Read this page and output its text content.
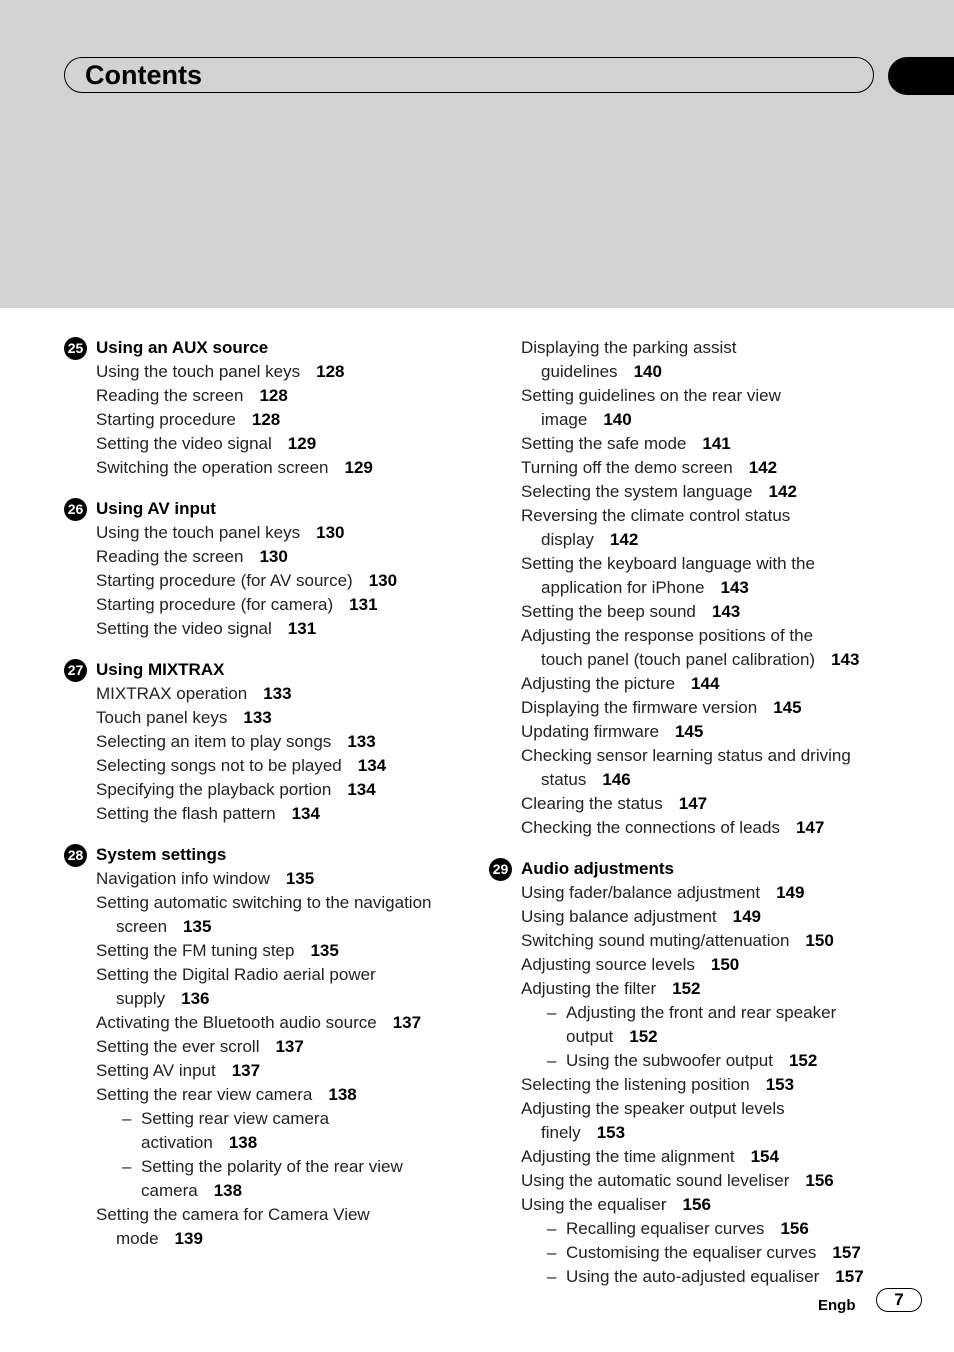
Contents
25 Using an AUX source
Using the touch panel keys 128
Reading the screen 128
Starting procedure 128
Setting the video signal 129
Switching the operation screen 129
26 Using AV input
Using the touch panel keys 130
Reading the screen 130
Starting procedure (for AV source) 130
Starting procedure (for camera) 131
Setting the video signal 131
27 Using MIXTRAX
MIXTRAX operation 133
Touch panel keys 133
Selecting an item to play songs 133
Selecting songs not to be played 134
Specifying the playback portion 134
Setting the flash pattern 134
28 System settings
Navigation info window 135
Setting automatic switching to the navigation
screen 135
Setting the FM tuning step 135
Setting the Digital Radio aerial power
supply 136
Activating the Bluetooth audio source 137
Setting the ever scroll 137
Setting AV input 137
Setting the rear view camera 138
– Setting rear view camera
activation 138
– Setting the polarity of the rear view
camera 138
Setting the camera for Camera View
mode 139
Displaying the parking assist
guidelines 140
Setting guidelines on the rear view
image 140
Setting the safe mode 141
Turning off the demo screen 142
Selecting the system language 142
Reversing the climate control status
display 142
Setting the keyboard language with the
application for iPhone 143
Setting the beep sound 143
Adjusting the response positions of the
touch panel (touch panel calibration) 143
Adjusting the picture 144
Displaying the firmware version 145
Updating firmware 145
Checking sensor learning status and driving
status 146
Clearing the status 147
Checking the connections of leads 147
29 Audio adjustments
Using fader/balance adjustment 149
Using balance adjustment 149
Switching sound muting/attenuation 150
Adjusting source levels 150
Adjusting the filter 152
– Adjusting the front and rear speaker
output 152
– Using the subwoofer output 152
Selecting the listening position 153
Adjusting the speaker output levels
finely 153
Adjusting the time alignment 154
Using the automatic sound leveliser 156
Using the equaliser 156
– Recalling equaliser curves 156
– Customising the equaliser curves 157
– Using the auto-adjusted equaliser 157
Engb	7
